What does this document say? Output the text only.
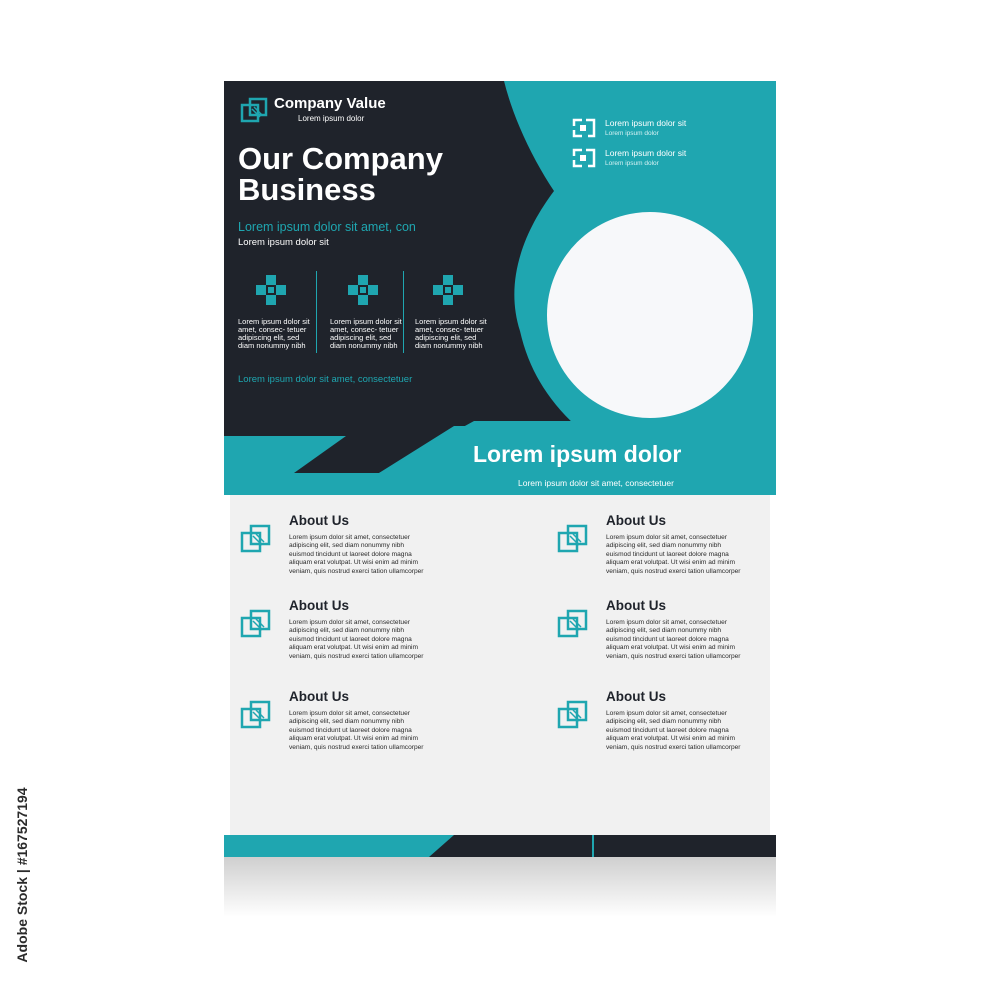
Company Value
Lorem ipsum dolor
Our Company Business
Lorem ipsum dolor sit amet, con
Lorem ipsum dolor sit
Lorem ipsum dolor sit amet, consec- tetuer adipiscing elit, sed diam nonummy nibh
Lorem ipsum dolor sit amet, consec- tetuer adipiscing elit, sed diam nonummy nibh
Lorem ipsum dolor sit amet, consec- tetuer adipiscing elit, sed diam nonummy nibh
Lorem ipsum dolor sit amet, consectetuer
Lorem ipsum dolor sit
Lorem ipsum dolor
Lorem ipsum dolor sit
Lorem ipsum dolor
Lorem ipsum dolor
Lorem ipsum dolor sit amet, consectetuer
About Us
Lorem ipsum dolor sit amet, consectetuer
adipiscing elit, sed diam nonummy nibh
euismod tincidunt ut laoreet dolore magna
aliquam erat volutpat. Ut wisi enim ad minim
veniam, quis nostrud exerci tation ullamcorper
About Us
Lorem ipsum dolor sit amet, consectetuer
adipiscing elit, sed diam nonummy nibh
euismod tincidunt ut laoreet dolore magna
aliquam erat volutpat. Ut wisi enim ad minim
veniam, quis nostrud exerci tation ullamcorper
About Us
Lorem ipsum dolor sit amet, consectetuer
adipiscing elit, sed diam nonummy nibh
euismod tincidunt ut laoreet dolore magna
aliquam erat volutpat. Ut wisi enim ad minim
veniam, quis nostrud exerci tation ullamcorper
About Us
Lorem ipsum dolor sit amet, consectetuer
adipiscing elit, sed diam nonummy nibh
euismod tincidunt ut laoreet dolore magna
aliquam erat volutpat. Ut wisi enim ad minim
veniam, quis nostrud exerci tation ullamcorper
About Us
Lorem ipsum dolor sit amet, consectetuer
adipiscing elit, sed diam nonummy nibh
euismod tincidunt ut laoreet dolore magna
aliquam erat volutpat. Ut wisi enim ad minim
veniam, quis nostrud exerci tation ullamcorper
About Us
Lorem ipsum dolor sit amet, consectetuer
adipiscing elit, sed diam nonummy nibh
euismod tincidunt ut laoreet dolore magna
aliquam erat volutpat. Ut wisi enim ad minim
veniam, quis nostrud exerci tation ullamcorper
Adobe Stock | #167527194
